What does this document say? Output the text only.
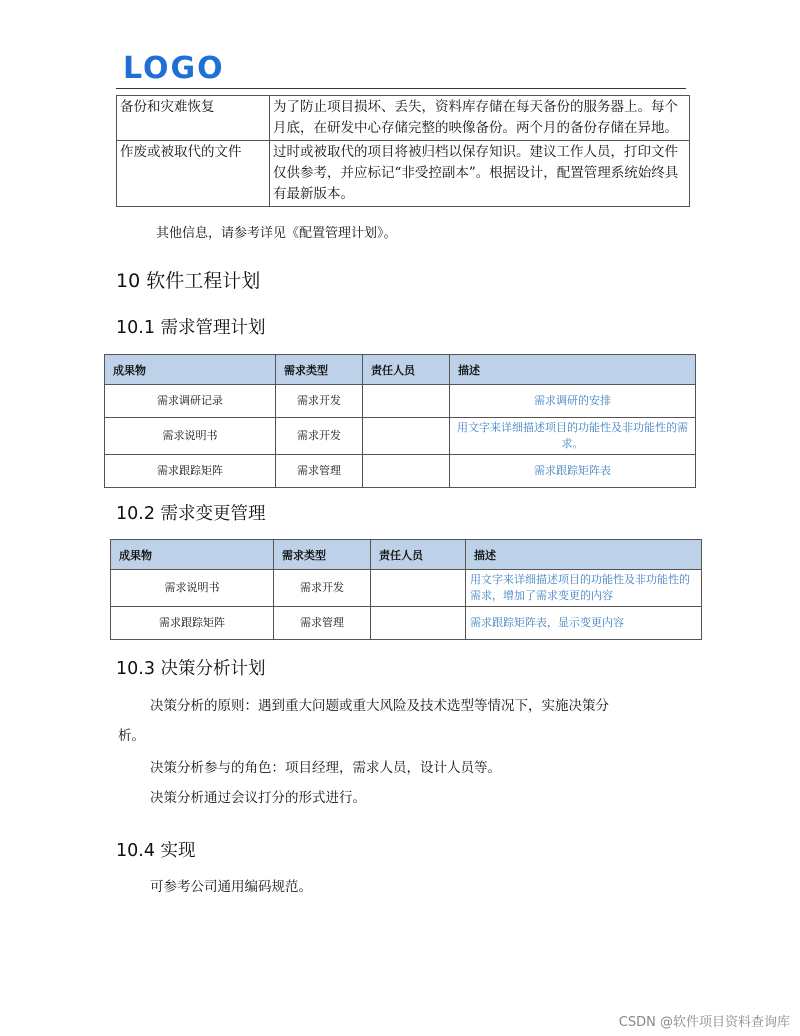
LOGO
备份和灾难恢复	为了防止项目损坏、丢失，资料库存储在每天备份的服务器上。每个月底，在研发中心存储完整的映像备份。两个月的备份存储在异地。
作废或被取代的文件	过时或被取代的项目将被归档以保存知识。建议工作人员，打印文件仅供参考，并应标记“非受控副本”。根据设计，配置管理系统始终具有最新版本。
其他信息，请参考详见《配置管理计划》。
10 软件工程计划
10.1 需求管理计划
成果物	需求类型	责任人员	描述
需求调研记录	需求开发		需求调研的安排
需求说明书	需求开发		用文字来详细描述项目的功能性及非功能性的需求。
需求跟踪矩阵	需求管理		需求跟踪矩阵表
10.2 需求变更管理
成果物	需求类型	责任人员	描述
需求说明书	需求开发		用文字来详细描述项目的功能性及非功能性的需求，增加了需求变更的内容
需求跟踪矩阵	需求管理		需求跟踪矩阵表，显示变更内容
10.3 决策分析计划
决策分析的原则：遇到重大问题或重大风险及技术选型等情况下，实施决策分
析。
决策分析参与的角色：项目经理，需求人员，设计人员等。
决策分析通过会议打分的形式进行。
10.4 实现
可参考公司通用编码规范。
CSDN @软件项目资料查询库
